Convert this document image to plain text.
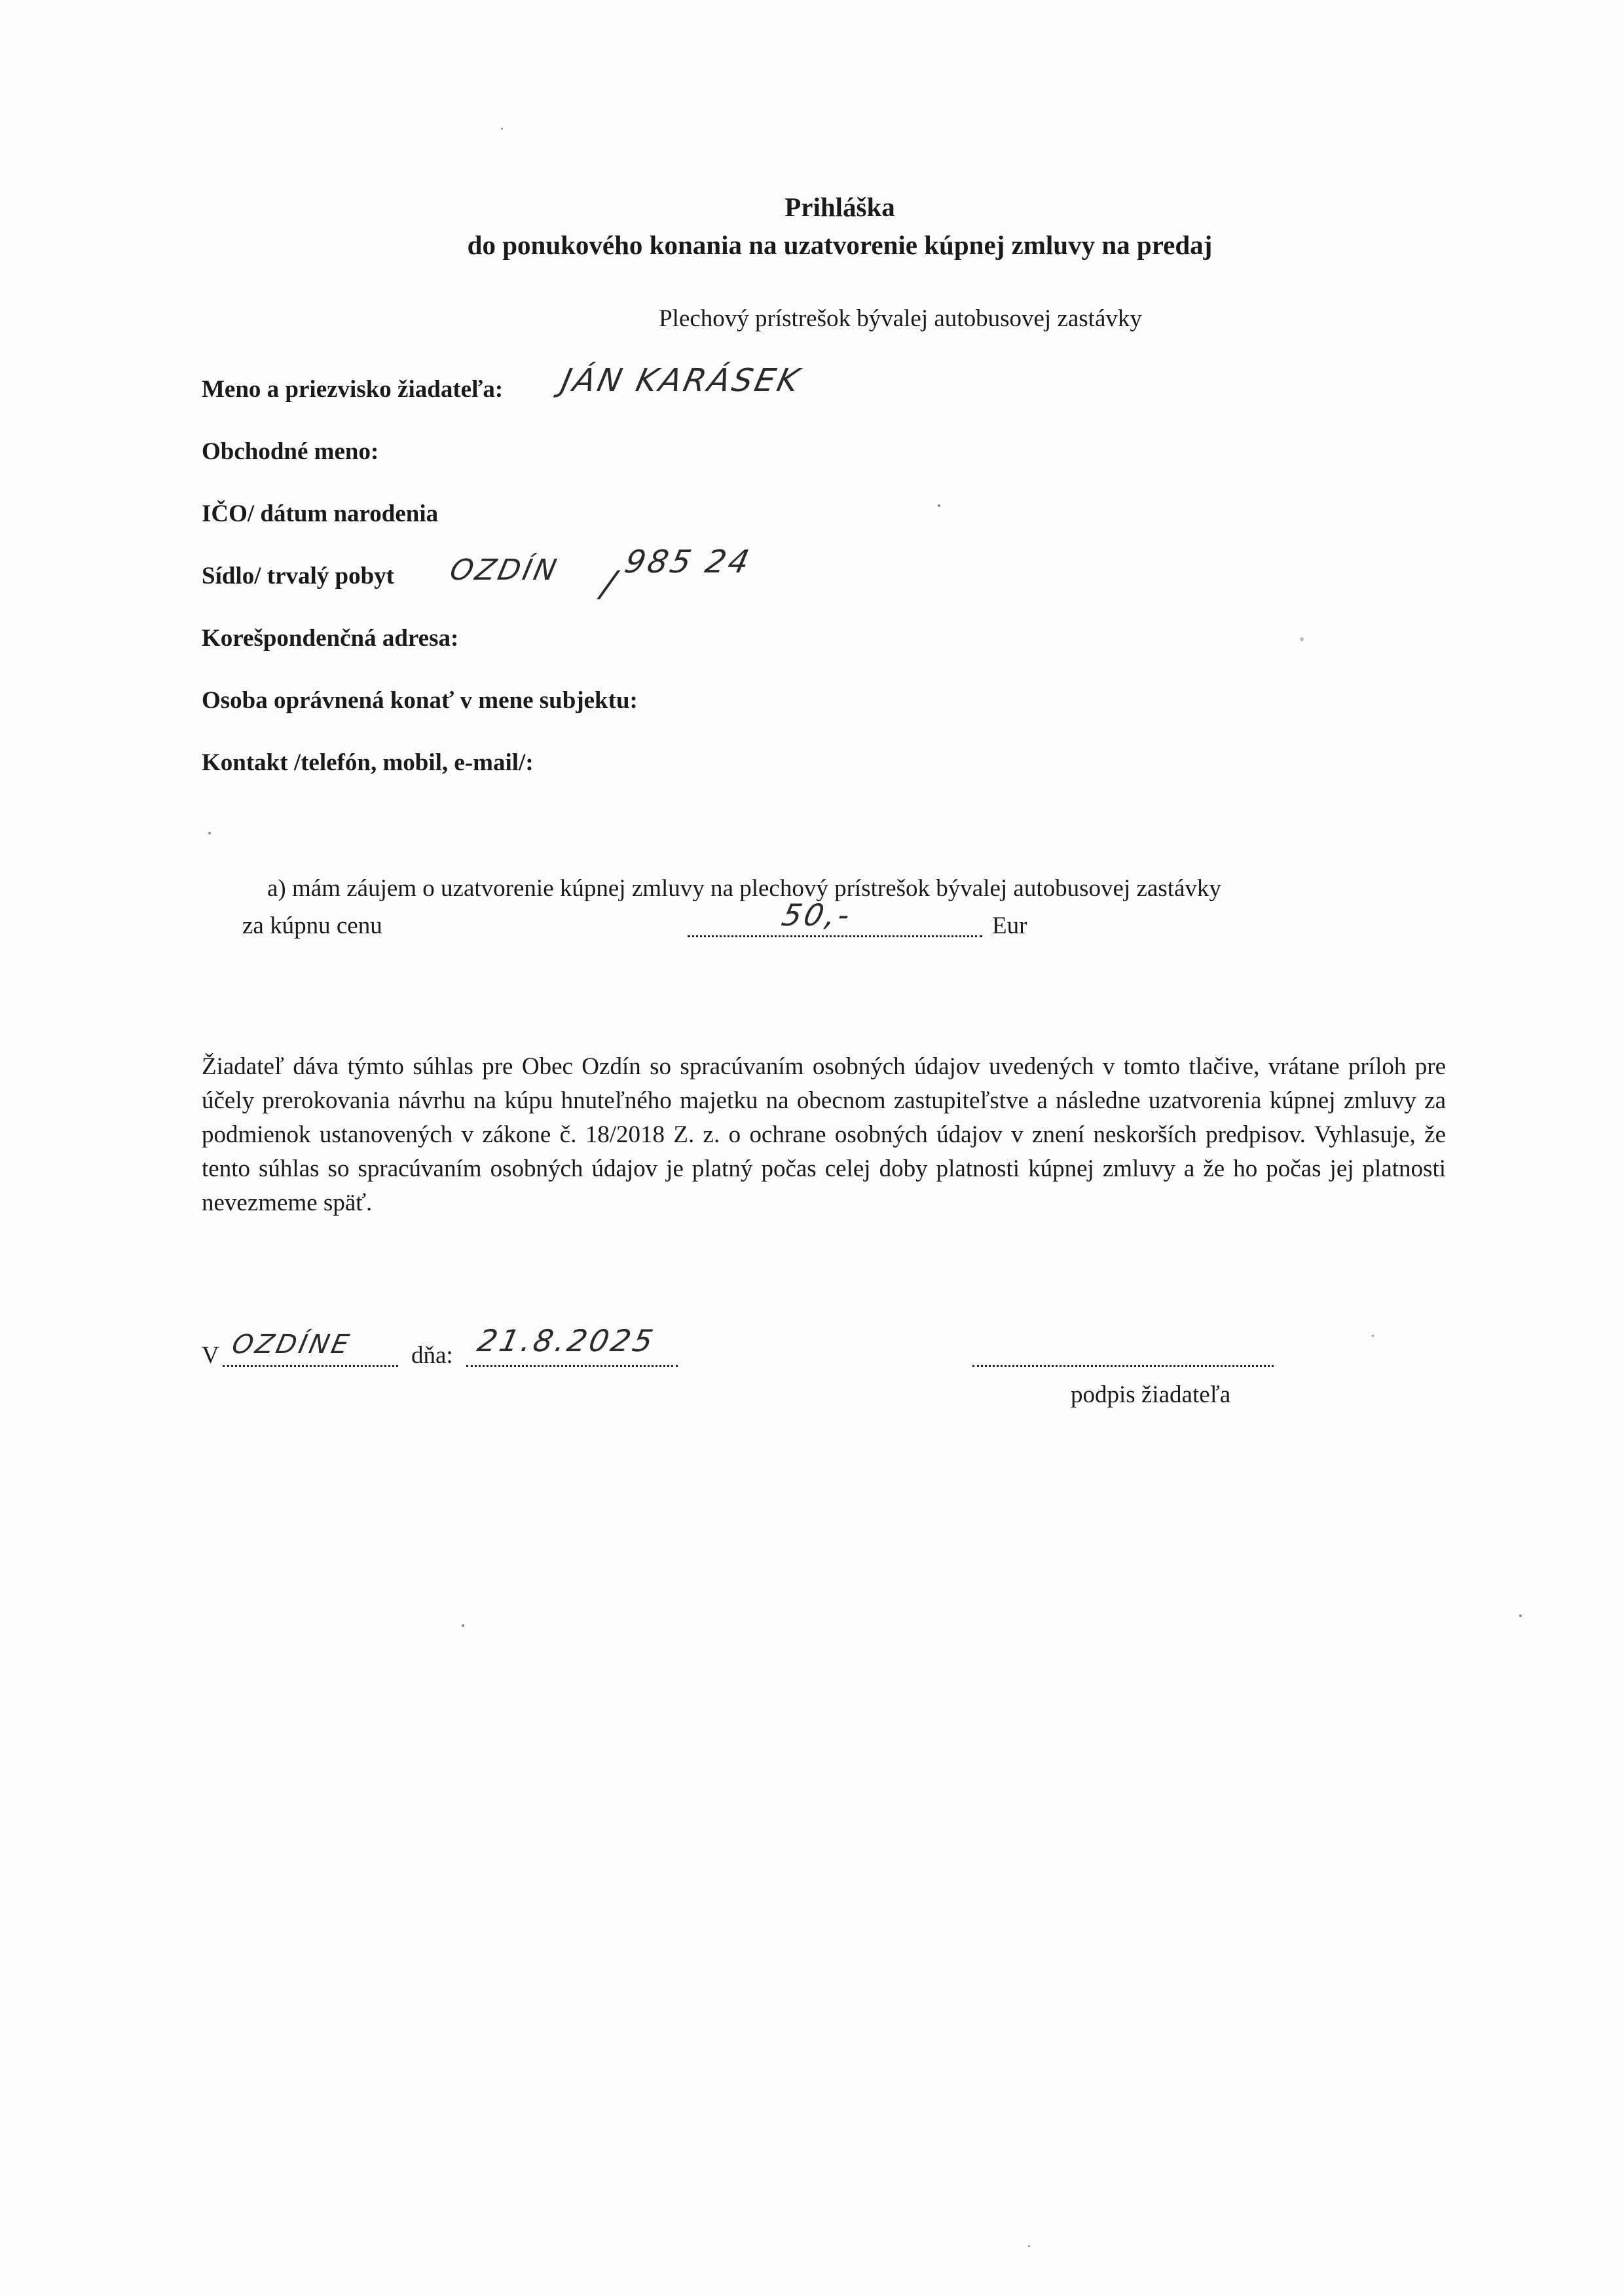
Prihláška
do ponukového konania na uzatvorenie kúpnej zmluvy na predaj
Plechový prístrešok bývalej autobusovej zastávky
Meno a priezvisko žiadateľa: JÁN KARÁSEK
Obchodné meno:
IČO/ dátum narodenia
Sídlo/ trvalý pobyt OZDÍN /
985 24
Korešpondenčná adresa:
Osoba oprávnená konať v mene subjektu:
Kontakt /telefón, mobil, e-mail/:
a) mám záujem o uzatvorenie kúpnej zmluvy na plechový prístrešok bývalej autobusovej zastávky
za kúpnu cenu	50,-	Eur
Žiadateľ dáva týmto súhlas pre Obec Ozdín so spracúvaním osobných údajov uvedených v tomto tlačive, vrátane príloh pre účely prerokovania návrhu na kúpu hnuteľného majetku na obecnom zastupiteľstve a následne uzatvorenia kúpnej zmluvy za podmienok ustanovených v zákone č. 18/2018 Z. z. o ochrane osobných údajov v znení neskorších predpisov. Vyhlasuje, že tento súhlas so spracúvaním osobných údajov je platný počas celej doby platnosti kúpnej zmluvy a že ho počas jej platnosti nevezmeme späť.
V OZDÍNE dňa: 21.8.2025
podpis žiadateľa
